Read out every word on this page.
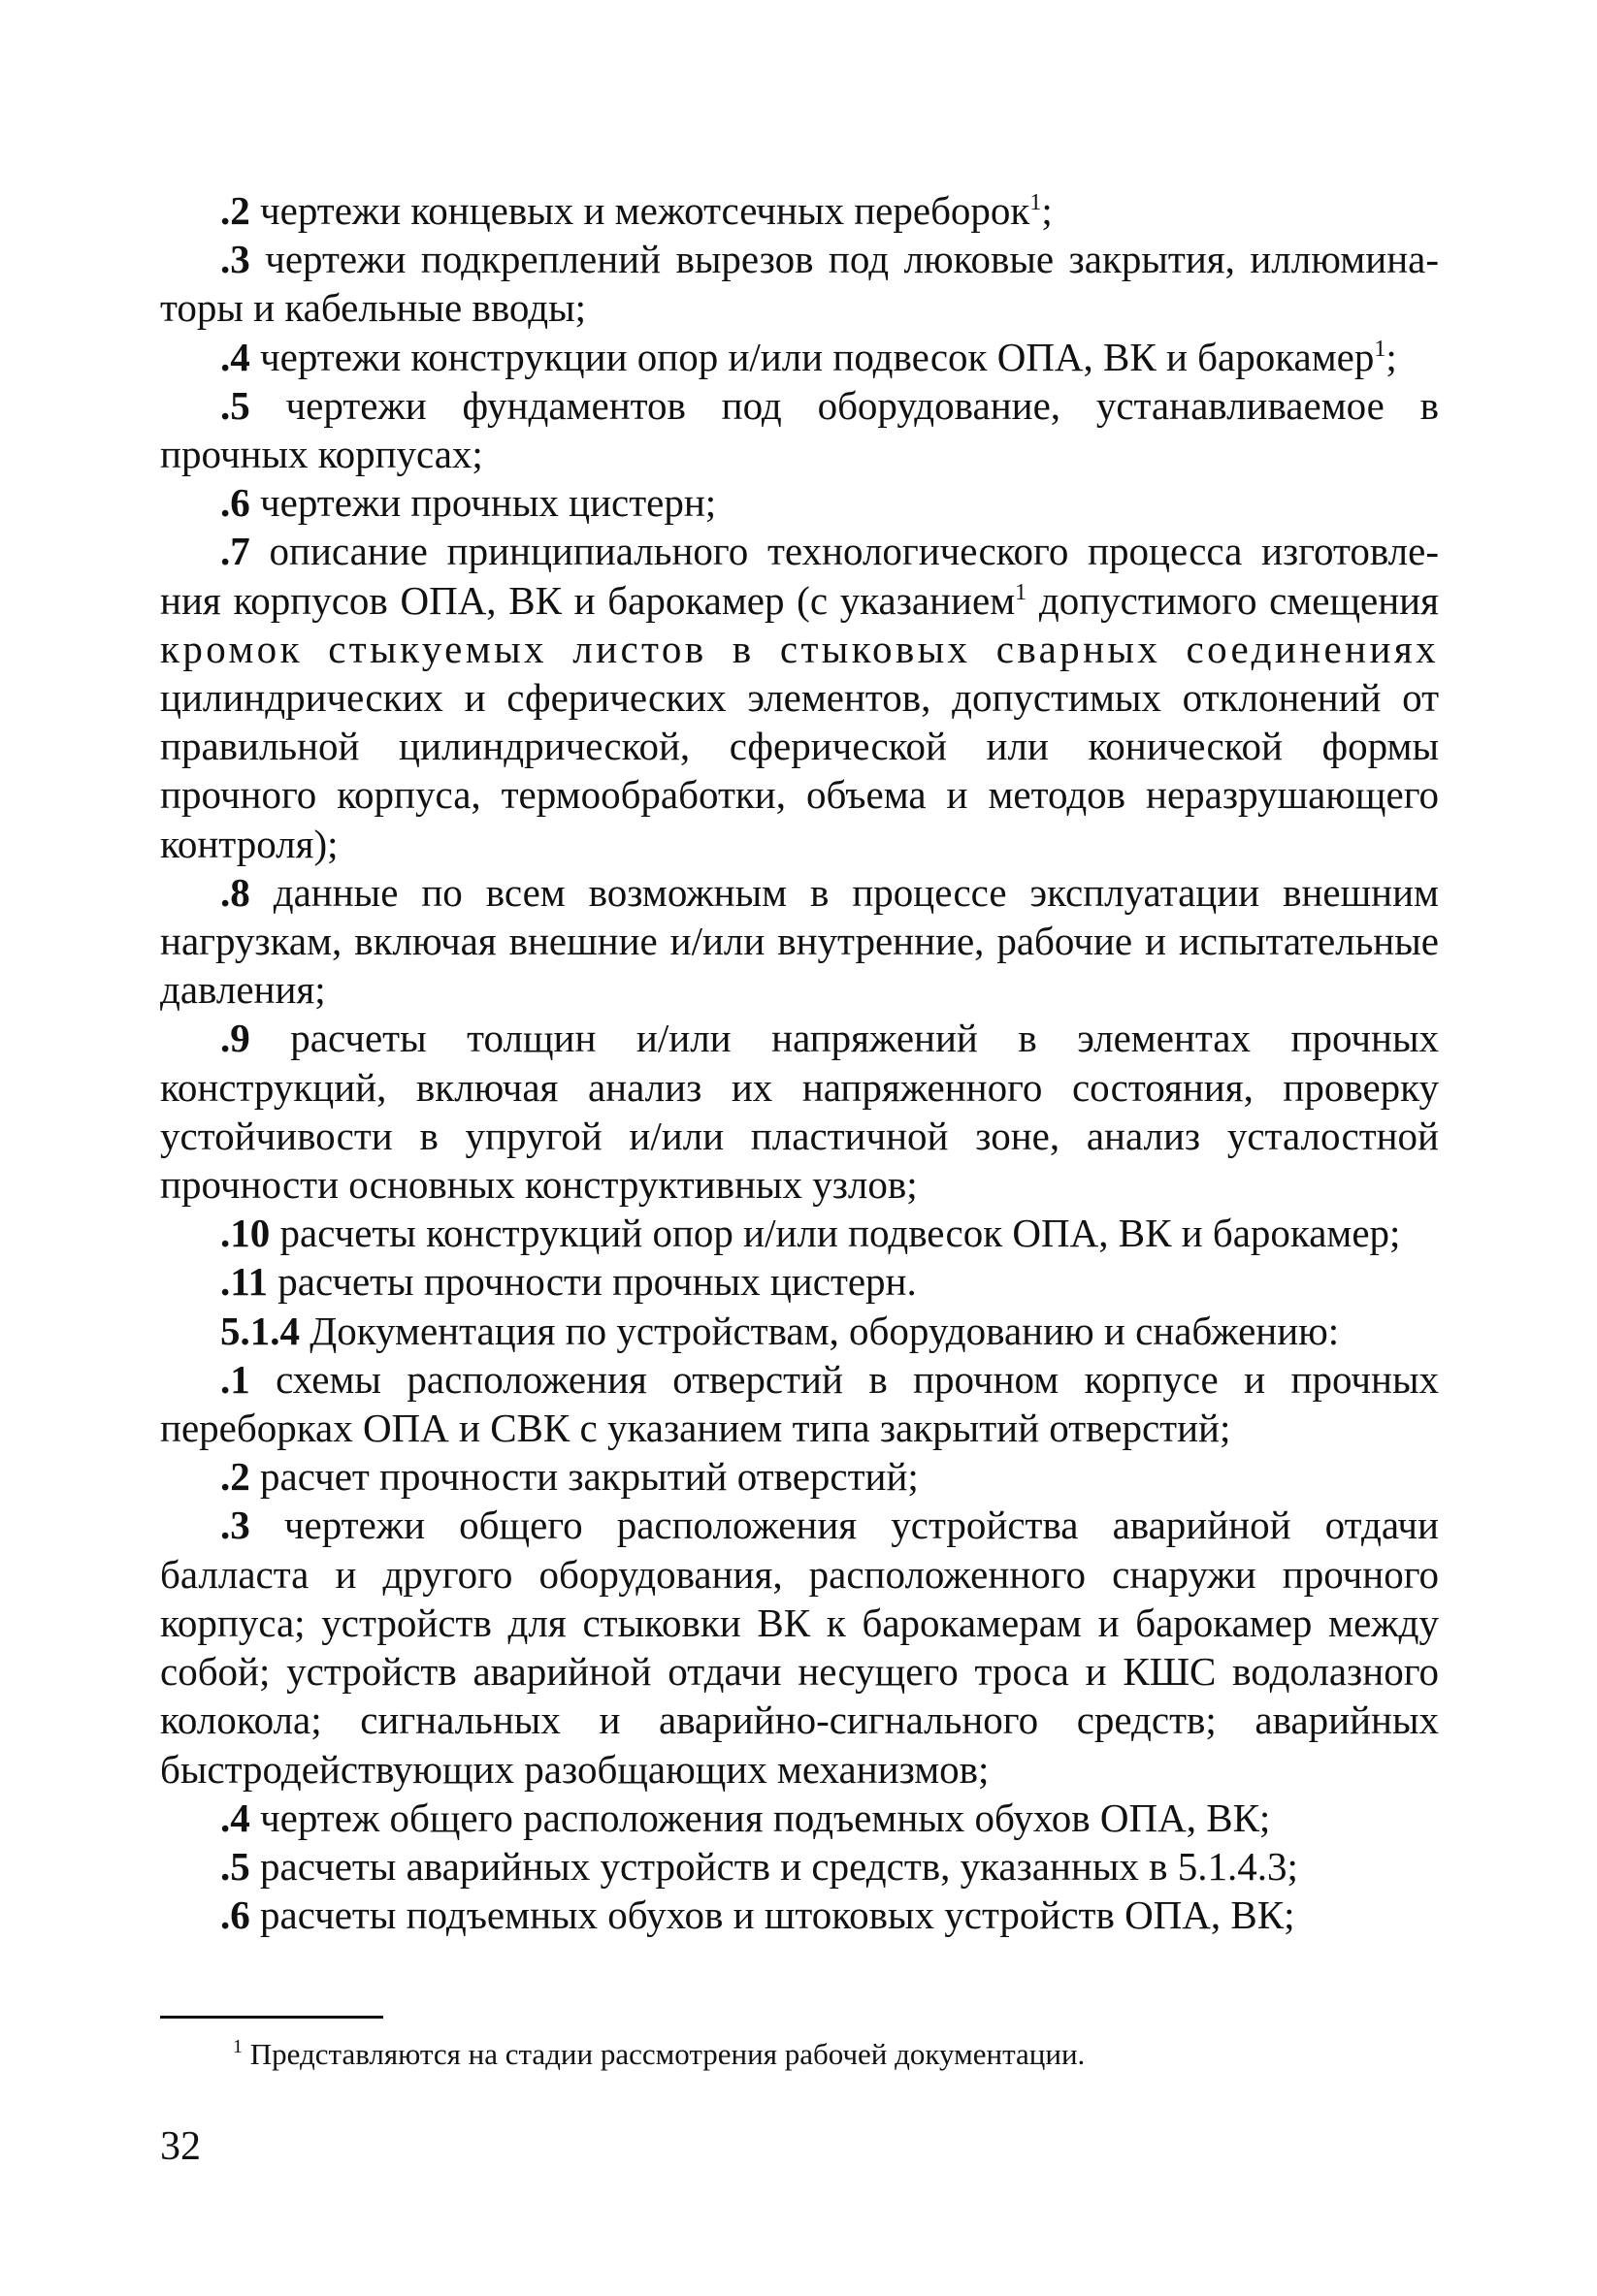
.2 чертежи концевых и межотсечных переборок$^1$;

.3 чертежи подкреплений вырезов под люковые закрытия, иллюминаторы и кабельные вводы;

.4 чертежи конструкции опор и/или подвесок ОПА, ВК и барокамер$^1$;

.5 чертежи фундаментов под оборудование, устанавливаемое в прочных корпусах;

.6 чертежи прочных цистерн;

.7 описание принципиального технологического процесса изготовления корпусов ОПА, ВК и барокамер (с указанием$^1$ допустимого смещения кромок стыкуемых листов в стыковых сварных соединениях цилиндрических и сферических элементов, допустимых отклонений от правильной цилиндрической, сферической или конической формы прочного корпуса, термообработки, объема и методов неразрушающего контроля);

.8 данные по всем возможным в процессе эксплуатации внешним нагрузкам, включая внешние и/или внутренние, рабочие и испытательные давления;

.9 расчеты толщин и/или напряжений в элементах прочных конструкций, включая анализ их напряженного состояния, проверку устойчивости в упругой и/или пластичной зоне, анализ усталостной прочности основных конструктивных узлов;

.10 расчеты конструкций опор и/или подвесок ОПА, ВК и барокамер;

.11 расчеты прочности прочных цистерн.

5.1.4 Документация по устройствам, оборудованию и снабжению:

.1 схемы расположения отверстий в прочном корпусе и прочных переборках ОПА и СВК с указанием типа закрытий отверстий;

.2 расчет прочности закрытий отверстий;

.3 чертежи общего расположения устройства аварийной отдачи балласта и другого оборудования, расположенного снаружи прочного корпуса; устройств для стыковки ВК к барокамерам и барокамер между собой; устройств аварийной отдачи несущего троса и КШС водолазного колокола; сигнальных и аварийно-сигнального средств; аварийных быстродействующих разобщающих механизмов;

.4 чертеж общего расположения подъемных обухов ОПА, ВК;

.5 расчеты аварийных устройств и средств, указанных в 5.1.4.3;

.6 расчеты подъемных обухов и штоковых устройств ОПА, ВК;

$^1$ Представляются на стадии рассмотрения рабочей документации.

32
